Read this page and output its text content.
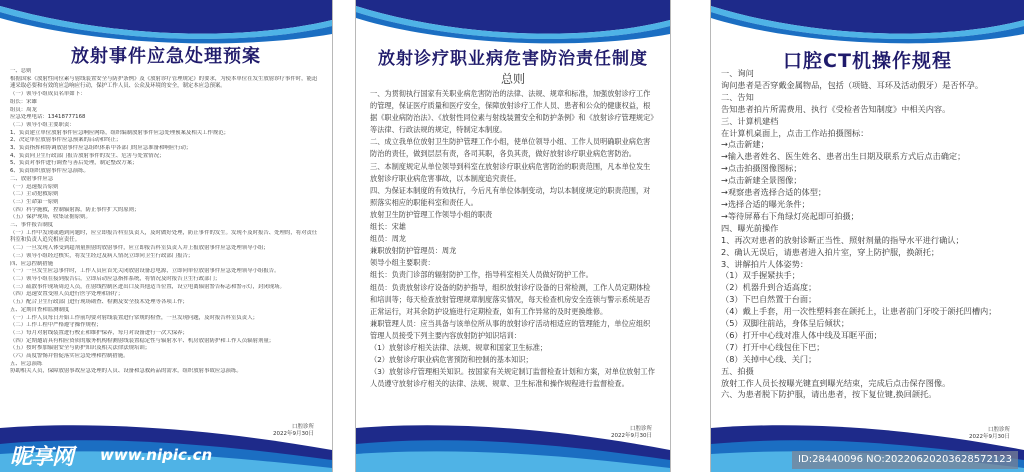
放射事件应急处理预案
一、总则
根据国家《放射性同位素与射线装置安全与防护条例》及《放射诊疗管理规定》的要求，为使本单位在发生放射诊疗事件时，能迅速采取必要和有效的应急响应行动，保护工作人员、公众及环境的安全，制定本应急预案。
（一）领导小组成员名单如下：
组长：宋雄
组员：周龙
应急处理电话：13418777168
（二）领导小组主要职责：
1、负责建立单位放射事件应急响应网络，组织编制放射事件应急处理预案及相关工作规范；
2、决定单位放射事件应急预案的启动和终止；
3、负责指挥和协调放射事件应急组织体系中各部门的应急准备和响应行动；
4、负责向卫生行政部门报告放射事件的发生、危害与处置情况；
5、负责对事件进行调查与善后处理，制定整改方案；
6、负责组织放射事件应急演练。
二、放射事件应急
（一）迅速报告原则
（二）主动抢救原则
（三）生命第一原则
（四）科学施救，控制辐射源，防止事件扩大的原则；
（五）保护现场，收集证据原则。
三、事件报告制度
（一）工作中发现或遇到问题时，应立即报告科室负责人，及时做好处理，防止事件的发生。发现不及时报告、处理的，将对责任科室和负责人追究相应责任。
（二）一旦发现人体受到超剂量照射的放射事件，应立即报告科室负责人并上报放射事件应急处理领导小组；
（三）领导小组经过核实，将发生经过及病人情况立即向卫生行政部门报告；
四、应急控制措施
（一）一旦发生应急事件时，工作人员应首先关闭放射设备总电源，立即向单位放射事件应急处理领导小组报告。
（二）领导小组在接到报告后，立即启动应急指挥系统，将情况及时报告卫生行政部门；
（三）疏散事件现场周边人员，在射线控制区进出口及其他适当位置，设立电离辐射警告标志和警示灯，封闭现场。
（四）迅速安置受照人员进行医学处理和治疗；
（五）配合卫生行政部门进行现场勘查、检测及安全技术处理等各项工作；
五、定期自查和监测制度
（一）工作人员每日开始工作前均要对射线装置进行常规的检查，一旦发现问题，及时报告科室负责人；
（二）工作工程中严格遵守操作规程；
（三）每月对射线装置进行校正和维护保养，每月对设备进行一次大保养；
（四）定期邀请具有相应资质的服务机构检测射线装置稳定性与辐射水平、机房放射防护和工作人员辐射剂量；
（五）按时参加辐射安全与防护知识及相关法律法规培训；
（六）高度警惕并督促落实应急处理和控制措施。
五、应急演练
协助相关人员，保障放射事故应急处理的人员、设备和急救药品的需求，组织放射事故应急演练。
口腔诊所
2022年9月30日
昵享网 www.nipic.cn
放射诊疗职业病危害防治责任制度
总则
一、为贯彻执行国家有关职业病危害防治的法律、法规、规章和标准，加强放射诊疗工作的管理，保证医疗质量和医疗安全，保障放射诊疗工作人员、患者和公众的健康权益，根据《职业病防治法》、《放射性同位素与射线装置安全和防护条例》和《放射诊疗管理规定》等法律、行政法规的规定，特制定本制度。
二、成立我单位放射卫生防护管理工作小组，使单位领导小组、工作人员明确职业病危害防治的责任，做到层层有责，各司其职，各负其责，做好放射诊疗职业病危害防治。
三、本制度规定从单位领导到科室在放射诊疗职业病危害防治的职责范围，凡本单位发生放射诊疗职业病危害事故，以本制度追究责任。
四、为保证本制度的有效执行，今后凡有单位体制变动，均以本制度规定的职责范围，对照落实相应的职能科室和责任人。
放射卫生防护管理工作领导小组的职责
组长：宋雄
组员：周龙
兼职放射防护管理员：周龙
领导小组主要职责：
组长：负责门诊部的辐射防护工作，指导科室相关人员做好防护工作。
组员：负责放射诊疗设备的防护指导，组织放射诊疗设备的日常检测，工作人员定期体检和培训等；每天检查放射管理规章制度落实情况，每天检查机房安全连锁与警示系统是否正常运行，对其余防护设施进行定期检查，如有工作异常的及时更换维修。
兼职管理人员：应当具备与该单位所从事的放射诊疗活动相适应的管理能力，单位应组织管理人员接受下列主要内容放射防护知识培训：
（1）放射诊疗相关法律、法规、规章和国家卫生标准；
（2）放射诊疗职业病危害预防和控制的基本知识；
（3）放射诊疗管理相关知识。按国家有关规定制订监督检查计划和方案，对单位放射工作人员遵守放射诊疗相关的法律、法规、规章、卫生标准和操作规程进行监督检查。
口腔诊所
2022年9月30日
口腔CT机操作规程
一、询问
询问患者是否穿戴金属物品，包括（项链、耳环及活动假牙）是否怀孕。
二、告知
告知患者拍片所需费用、执行《受检者告知制度》中相关内容。
三、计算机建档
在计算机桌面上，点击工作站拍摄图标：
→点击新建；
→输入患者姓名、医生姓名、患者出生日期及联系方式后点击确定；
→点击拍摄图像图标；
→点击新建全景图像；
→观察患者选择合适的体型；
→选择合适的曝光条件；
→等待屏幕右下角绿灯亮起即可拍摄；
四、曝光前操作
1、再次对患者的放射诊断正当性、照射剂量的指导水平进行确认；
2、确认无误后，请患者进入拍片室，穿上防护服，换颌托；
3、讲解拍片人体姿势：
（1）双手握紧扶手；
（2）机器升到合适高度；
（3）下巴自然置于台面；
（4）戴上手套，用一次性塑料套在颌托上，让患者前门牙咬于颌托凹槽内；
（5）双脚往前站，身体呈后倾状；
（6）打开中心线对准人体中线及耳眶平面；
（7）打开中心线包住下巴；
（8）关掉中心线、关门；
五、拍摄
放射工作人员长按曝光键直到曝光结束，完成后点击保存图像。
六、为患者脱下防护服，请出患者，按下复位键,换回颌托。
口腔诊所
2022年9月30日
ID:28440096 NO:20220620203628572123
